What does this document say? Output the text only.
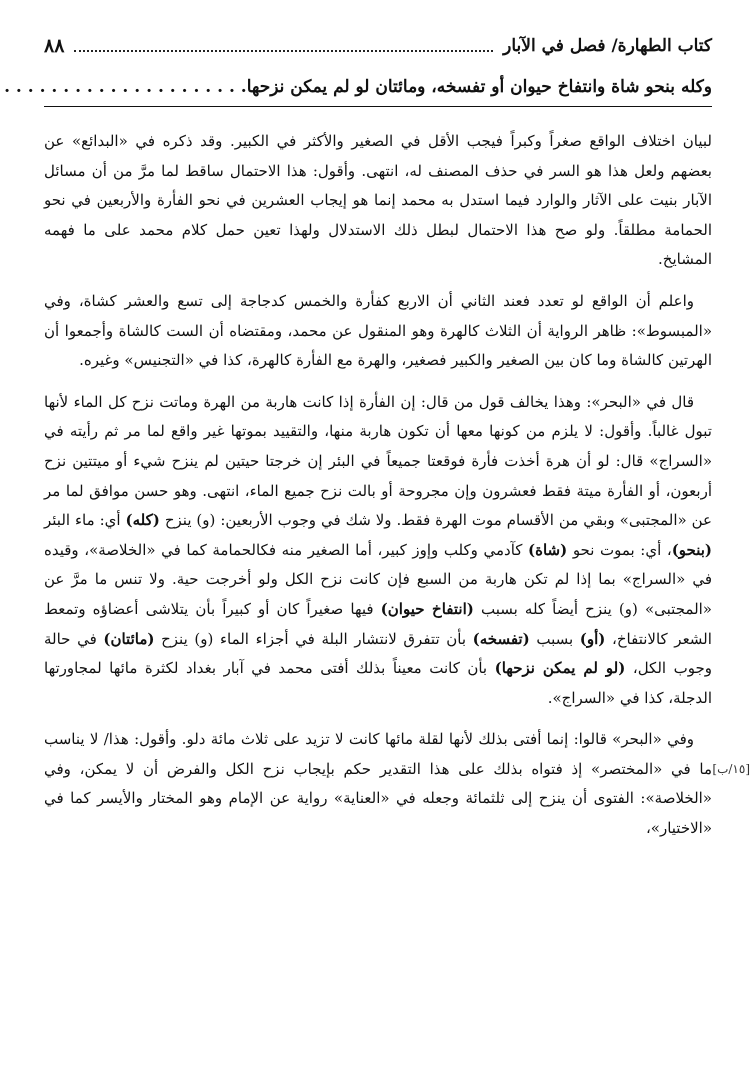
كتاب الطهارة/ فصل في الآبار
٨٨
وكله بنحو شاة وانتفاخ حيوان أو تفسخه، ومائتان لو لم يمكن نزحها. . . . . . . . . . . . . . . . . . . . .

لبيان اختلاف الواقع صغراً وكبراً فيجب الأقل في الصغير والأكثر في الكبير. وقد ذكره في «البدائع» عن بعضهم ولعل هذا هو السر في حذف المصنف له، انتهى. وأقول: هذا الاحتمال ساقط لما مرَّ من أن مسائل الآبار بنيت على الآثار والوارد فيما استدل به محمد إنما هو إيجاب العشرين في نحو الفأرة والأربعين في نحو الحمامة مطلقاً. ولو صح هذا الاحتمال لبطل ذلك الاستدلال ولهذا تعين حمل كلام محمد على ما فهمه المشايخ.

واعلم أن الواقع لو تعدد فعند الثاني أن الاربع كفأرة والخمس كدجاجة إلى تسع والعشر كشاة، وفي «المبسوط»: ظاهر الرواية أن الثلاث كالهرة وهو المنقول عن محمد، ومقتضاه أن الست كالشاة وأجمعوا أن الهرتين كالشاة وما كان بين الصغير والكبير فصغير، والهرة مع الفأرة كالهرة، كذا في «التجنيس» وغيره.

قال في «البحر»: وهذا يخالف قول من قال: إن الفأرة إذا كانت هاربة من الهرة وماتت نزح كل الماء لأنها تبول غالباً. وأقول: لا يلزم من كونها معها أن تكون هاربة منها، والتقييد بموتها غير واقع لما مر ثم رأيته في «السراج» قال: لو أن هرة أخذت فأرة فوقعتا جميعاً في البئر إن خرجتا حيتين لم ينزح شيء أو ميتتين نزح أربعون، أو الفأرة ميتة فقط فعشرون وإن مجروحة أو بالت نزح جميع الماء، انتهى. وهو حسن موافق لما مر عن «المجتبى» وبقي من الأقسام موت الهرة فقط. ولا شك في وجوب الأربعين: (و) ينزح (كله) أي: ماء البئر (بنحو)، أي: بموت نحو (شاة) كآدمي وكلب وإوز كبير، أما الصغير منه فكالحمامة كما في «الخلاصة»، وقيده في «السراج» بما إذا لم تكن هاربة من السبع فإن كانت نزح الكل ولو أخرجت حية. ولا تنس ما مرَّ عن «المجتبى» (و) ينزح أيضاً كله بسبب (انتفاخ حيوان) فيها صغيراً كان أو كبيراً بأن يتلاشى أعضاؤه وتمعط الشعر كالانتفاخ، (أو) بسبب (تفسخه) بأن تتفرق لانتشار البلة في أجزاء الماء (و) ينزح (مائتان) في حالة وجوب الكل، (لو لم يمكن نزحها) بأن كانت معيناً بذلك أفتى محمد في آبار بغداد لكثرة مائها لمجاورتها الدجلة، كذا في «السراج».

[١٥/ب]

وفي «البحر» قالوا: إنما أفتى بذلك لأنها لقلة مائها كانت لا تزيد على ثلاث مائة دلو. وأقول: هذا/ لا يناسب ما في «المختصر» إذ فتواه بذلك على هذا التقدير حكم بإيجاب نزح الكل والفرض أن لا يمكن، وفي «الخلاصة»: الفتوى أن ينزح إلى ثلثمائة وجعله في «العناية» رواية عن الإمام وهو المختار والأيسر كما في «الاختيار»،
